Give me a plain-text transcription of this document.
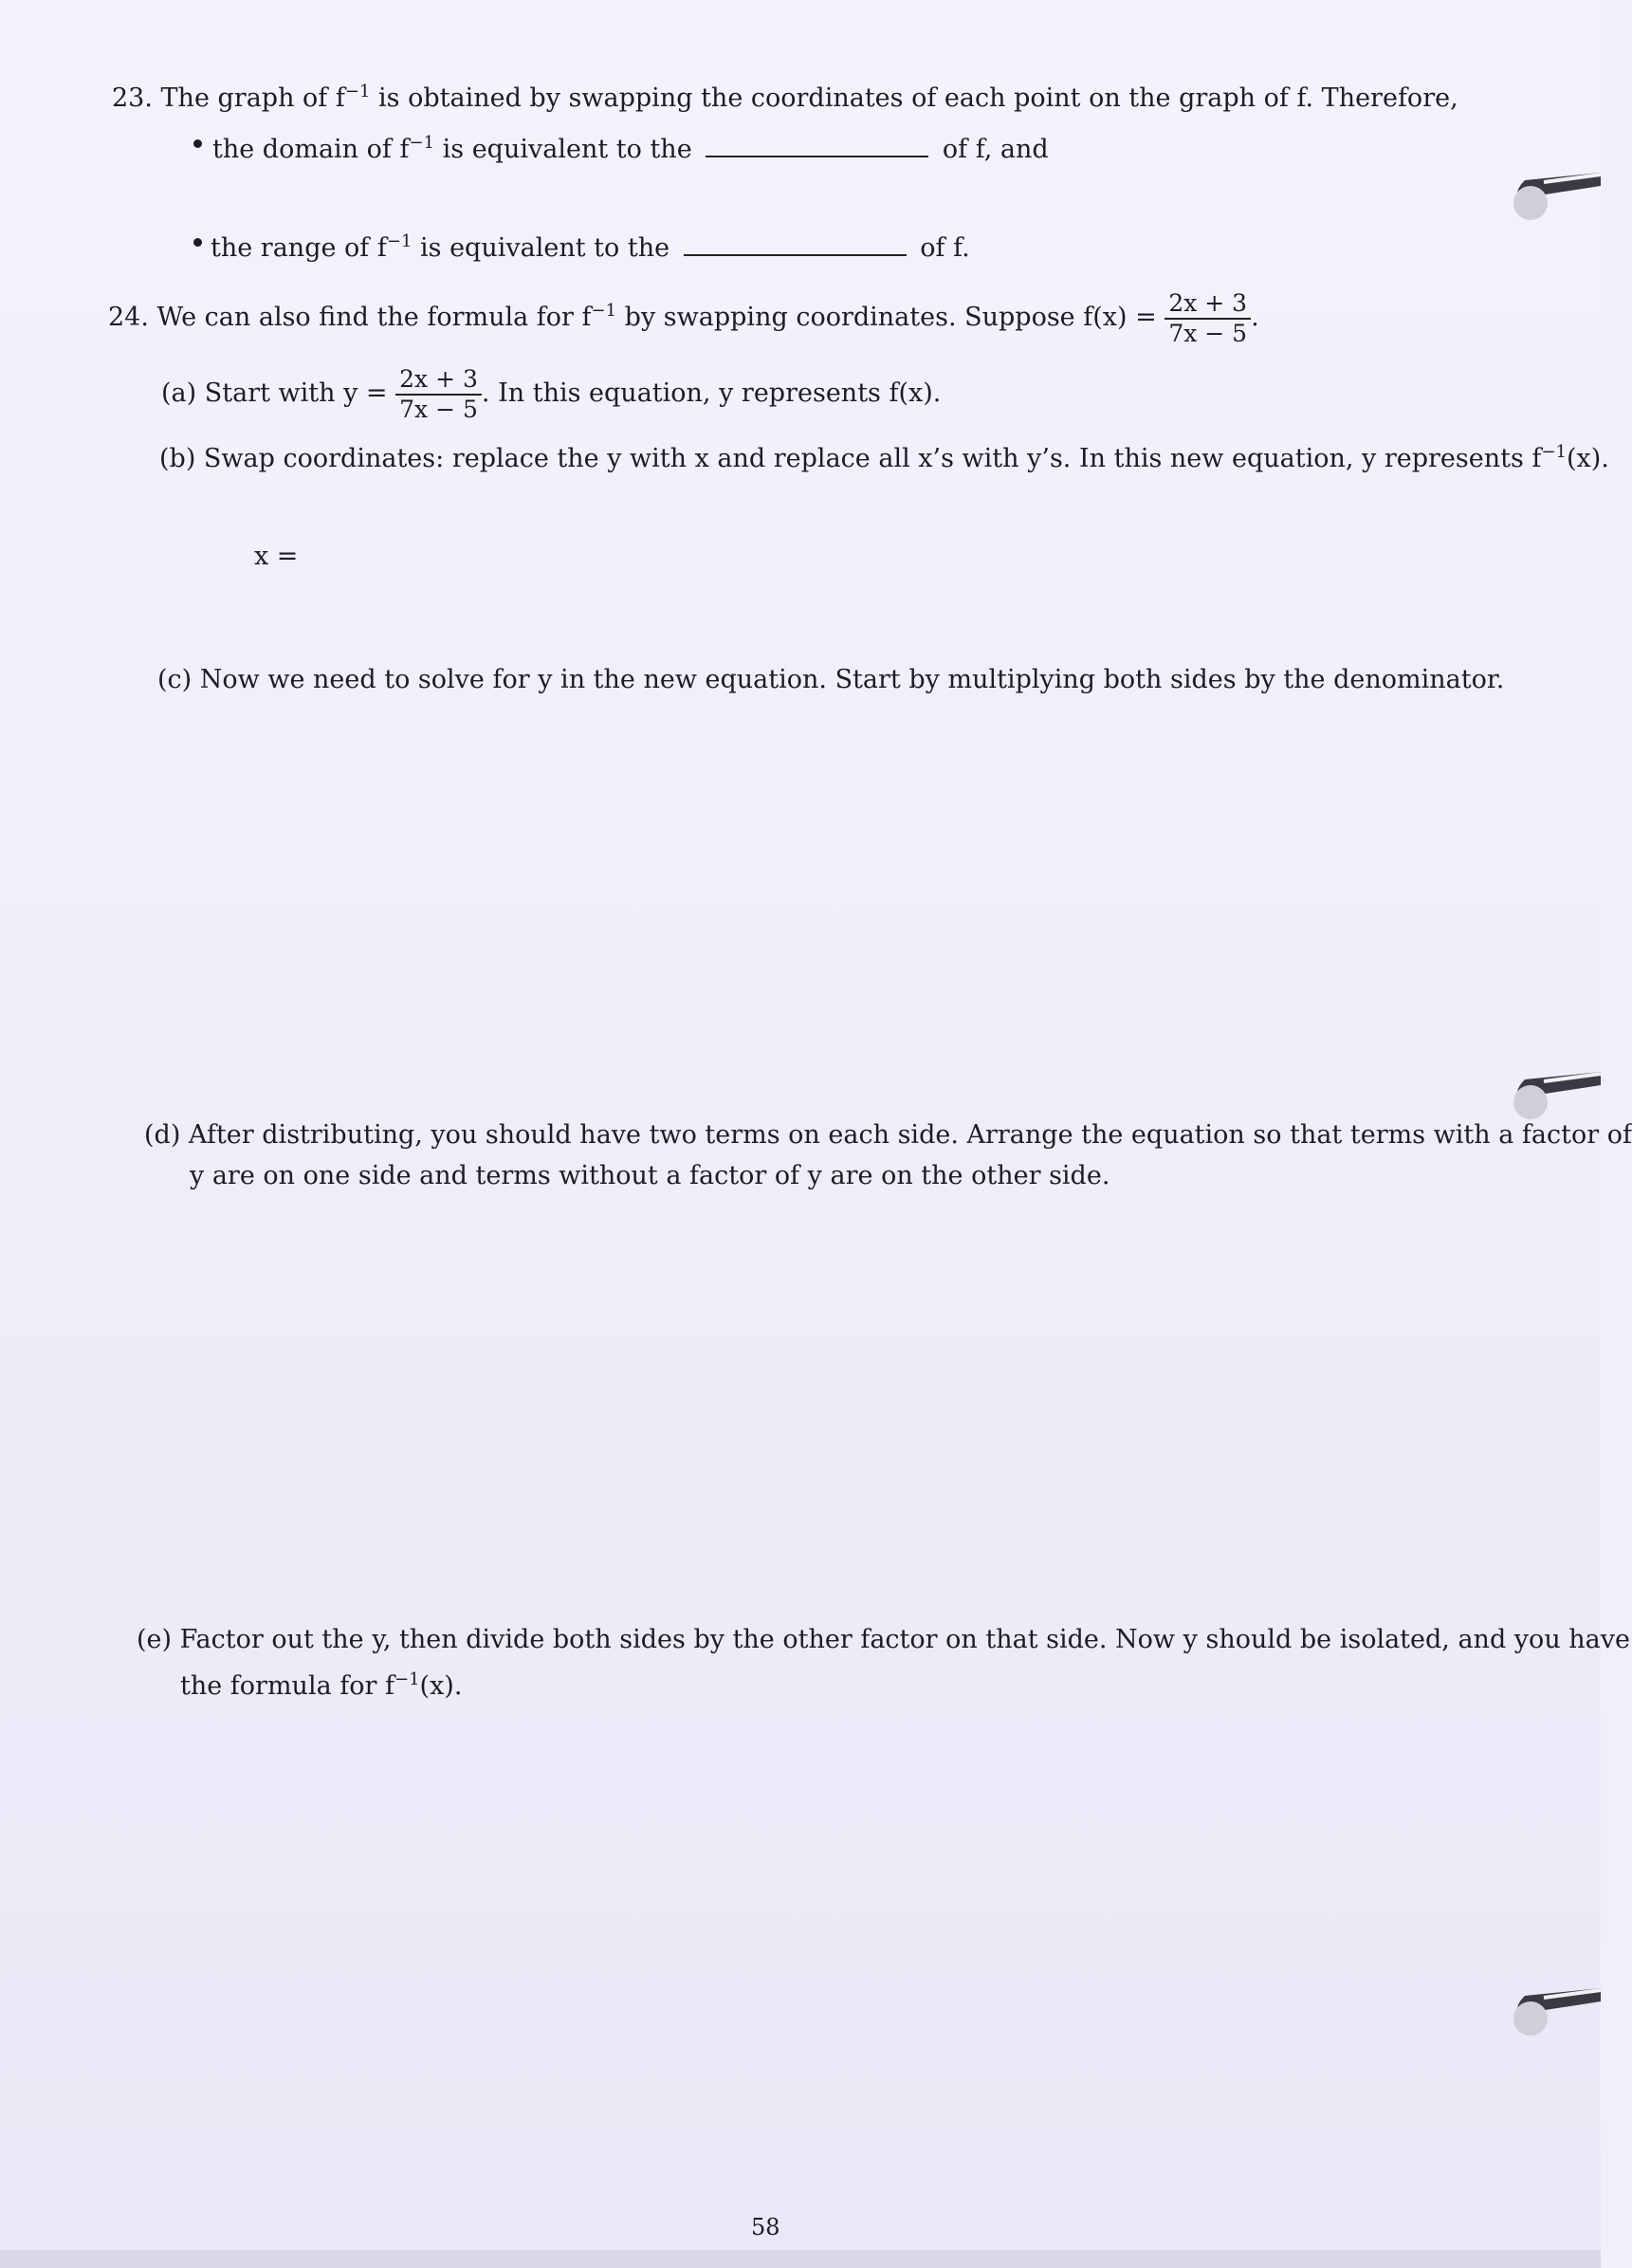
23. The graph of $f^{-1}$ is obtained by swapping the coordinates of each point on the graph of f. Therefore,
the domain of $f^{-1}$ is equivalent to the	of f, and
the range of $f^{-1}$ is equivalent to the	of f.
24. We can also find the formula for $f^{-1}$ by swapping coordinates. Suppose $f(x) = \frac{2x + 3}{7x - 5}$ .
(a) Start with $y = \frac{2x + 3}{7x - 5}$ . In this equation, y represents f(x).
(b) Swap coordinates: replace the y with x and replace all x’s with y’s. In this new equation, y represents $f^{-1}(x)$.
x =
(c) Now we need to solve for y in the new equation. Start by multiplying both sides by the denominator.
(d) After distributing, you should have two terms on each side. Arrange the equation so that terms with a factor of
y are on one side and terms without a factor of y are on the other side.
(e) Factor out the y, then divide both sides by the other factor on that side. Now y should be isolated, and you have
the formula for $f^{-1}(x)$.
58
